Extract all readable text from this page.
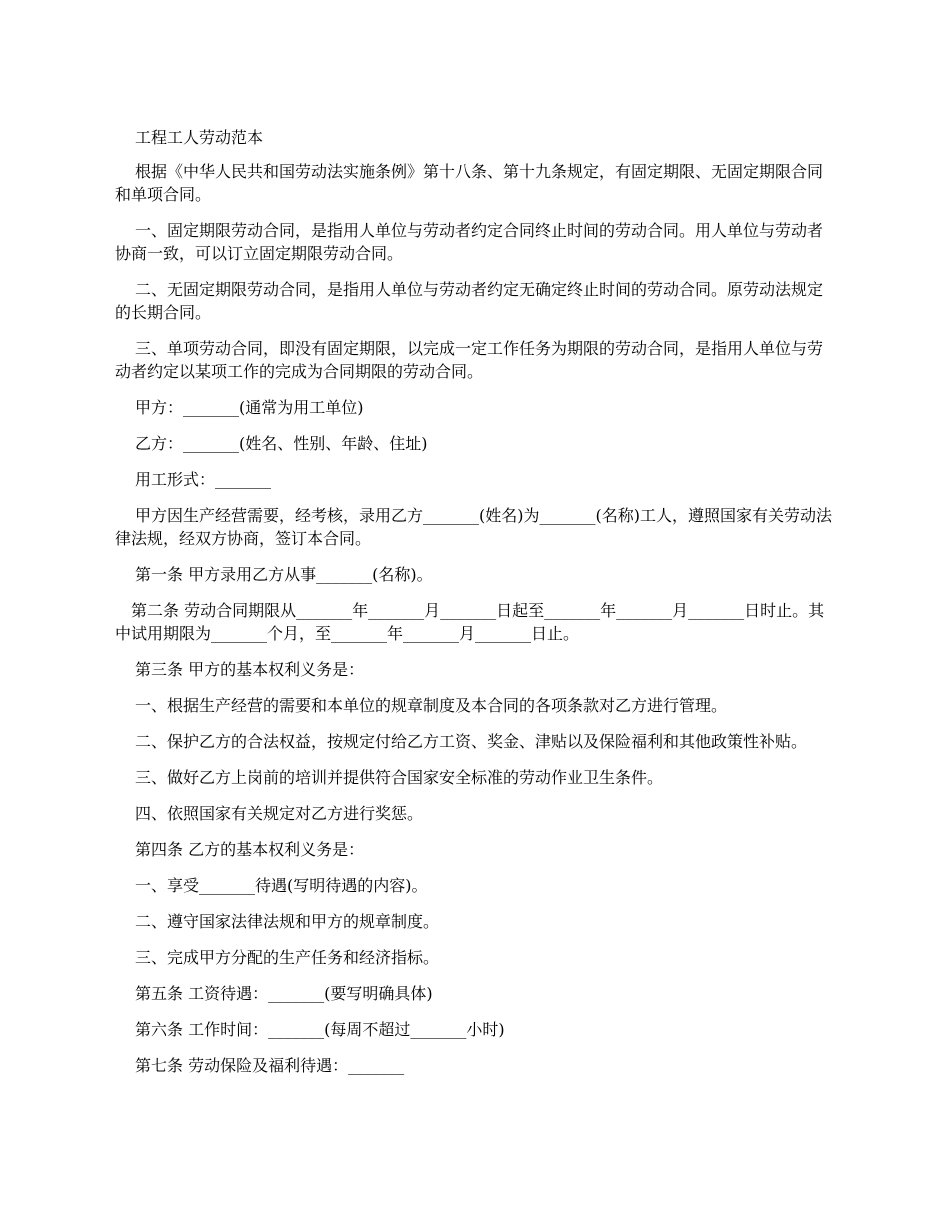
工程工人劳动范本

根据《中华人民共和国劳动法实施条例》第十八条、第十九条规定，有固定期限、无固定期限合同和单项合同。

一、固定期限劳动合同，是指用人单位与劳动者约定合同终止时间的劳动合同。用人单位与劳动者协商一致，可以订立固定期限劳动合同。

二、无固定期限劳动合同，是指用人单位与劳动者约定无确定终止时间的劳动合同。原劳动法规定的长期合同。

三、单项劳动合同，即没有固定期限，以完成一定工作任务为期限的劳动合同，是指用人单位与劳动者约定以某项工作的完成为合同期限的劳动合同。

甲方：_______(通常为用工单位)

乙方：_______(姓名、性别、年龄、住址)

用工形式：_______

甲方因生产经营需要，经考核，录用乙方_______(姓名)为_______(名称)工人，遵照国家有关劳动法律法规，经双方协商，签订本合同。

第一条 甲方录用乙方从事_______(名称)。

第二条 劳动合同期限从_______年_______月_______日起至_______年_______月_______日时止。其中试用期限为_______个月，至_______年_______月_______日止。

第三条 甲方的基本权利义务是：

一、根据生产经营的需要和本单位的规章制度及本合同的各项条款对乙方进行管理。

二、保护乙方的合法权益，按规定付给乙方工资、奖金、津贴以及保险福利和其他政策性补贴。

三、做好乙方上岗前的培训并提供符合国家安全标准的劳动作业卫生条件。

四、依照国家有关规定对乙方进行奖惩。

第四条 乙方的基本权利义务是：

一、享受_______待遇(写明待遇的内容)。

二、遵守国家法律法规和甲方的规章制度。

三、完成甲方分配的生产任务和经济指标。

第五条 工资待遇：_______(要写明确具体)

第六条 工作时间：_______(每周不超过_______小时)

第七条 劳动保险及福利待遇：_______
